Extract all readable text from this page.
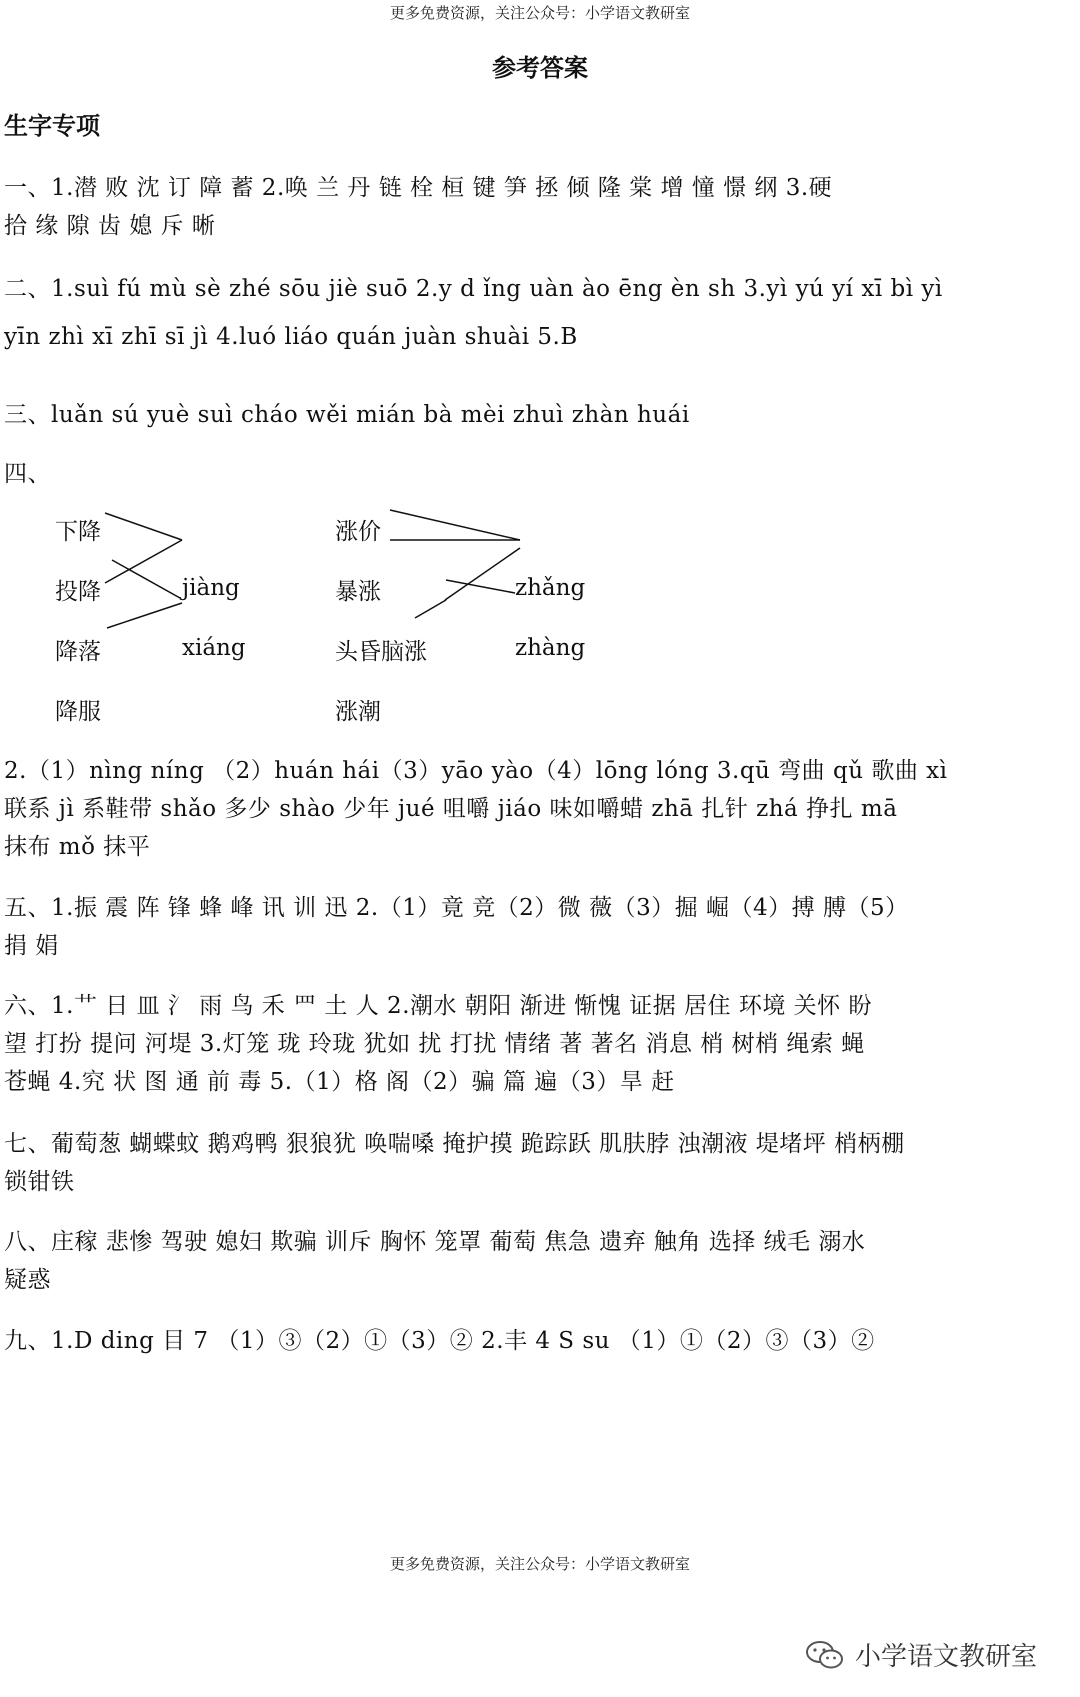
更多免费资源，关注公众号：小学语文教研室
参考答案
生字专项
一、1.潜 败 沈 订 障 蓄 2.唤 兰 丹 链 栓 桓 键 笋 拯 倾 隆 棠 增 憧 憬 纲 3.硬
拾 缘 隙 齿 媳 斥 晰
二、1.suì fú mù sè zhé sōu jiè suō 2.y d ǐng uàn ào ēng èn sh 3.yì yú yí xī bì yì
yīn zhì xī zhī sī jì 4.luó liáo quán juàn shuài 5.B
三、luǎn sú yuè suì cháo wěi mián bà mèi zhuì zhàn huái
四、
下降
投降
降落
降服
jiàng
xiáng
涨价
暴涨
头昏脑涨
涨潮
zhǎng
zhàng
2.（1）nìng níng （2）huán hái（3）yāo yào（4）lōng lóng 3.qū 弯曲 qǔ 歌曲 xì
联系 jì 系鞋带 shǎo 多少 shào 少年 jué 咀嚼 jiáo 味如嚼蜡 zhā 扎针 zhá 挣扎 mā
抹布 mǒ 抹平
五、1.振 震 阵 锋 蜂 峰 讯 训 迅 2.（1）竟 竞（2）微 薇（3）掘 崛（4）搏 膊（5）
捐 娟
六、1.艹 日 皿 氵 雨 鸟 禾 罒 土 人 2.潮水 朝阳 渐进 惭愧 证据 居住 环境 关怀 盼
望 打扮 提问 河堤 3.灯笼 珑 玲珑 犹如 扰 打扰 情绪 著 著名 消息 梢 树梢 绳索 蝇
苍蝇 4.究 状 图 通 前 毒 5.（1）格 阁（2）骗 篇 遍（3）旱 赶
七、葡萄葱 蝴蝶蚊 鹅鸡鸭 狠狼犹 唤喘嗓 掩护摸 跪踪跃 肌肤脖 浊潮液 堤堵坪 梢柄棚
锁钳铁
八、庄稼 悲惨 驾驶 媳妇 欺骗 训斥 胸怀 笼罩 葡萄 焦急 遗弃 触角 选择 绒毛 溺水
疑惑
九、1.D ding 目 7 （1）③（2）①（3）② 2.丰 4 S su （1）①（2）③（3）②
更多免费资源，关注公众号：小学语文教研室
小学语文教研室
